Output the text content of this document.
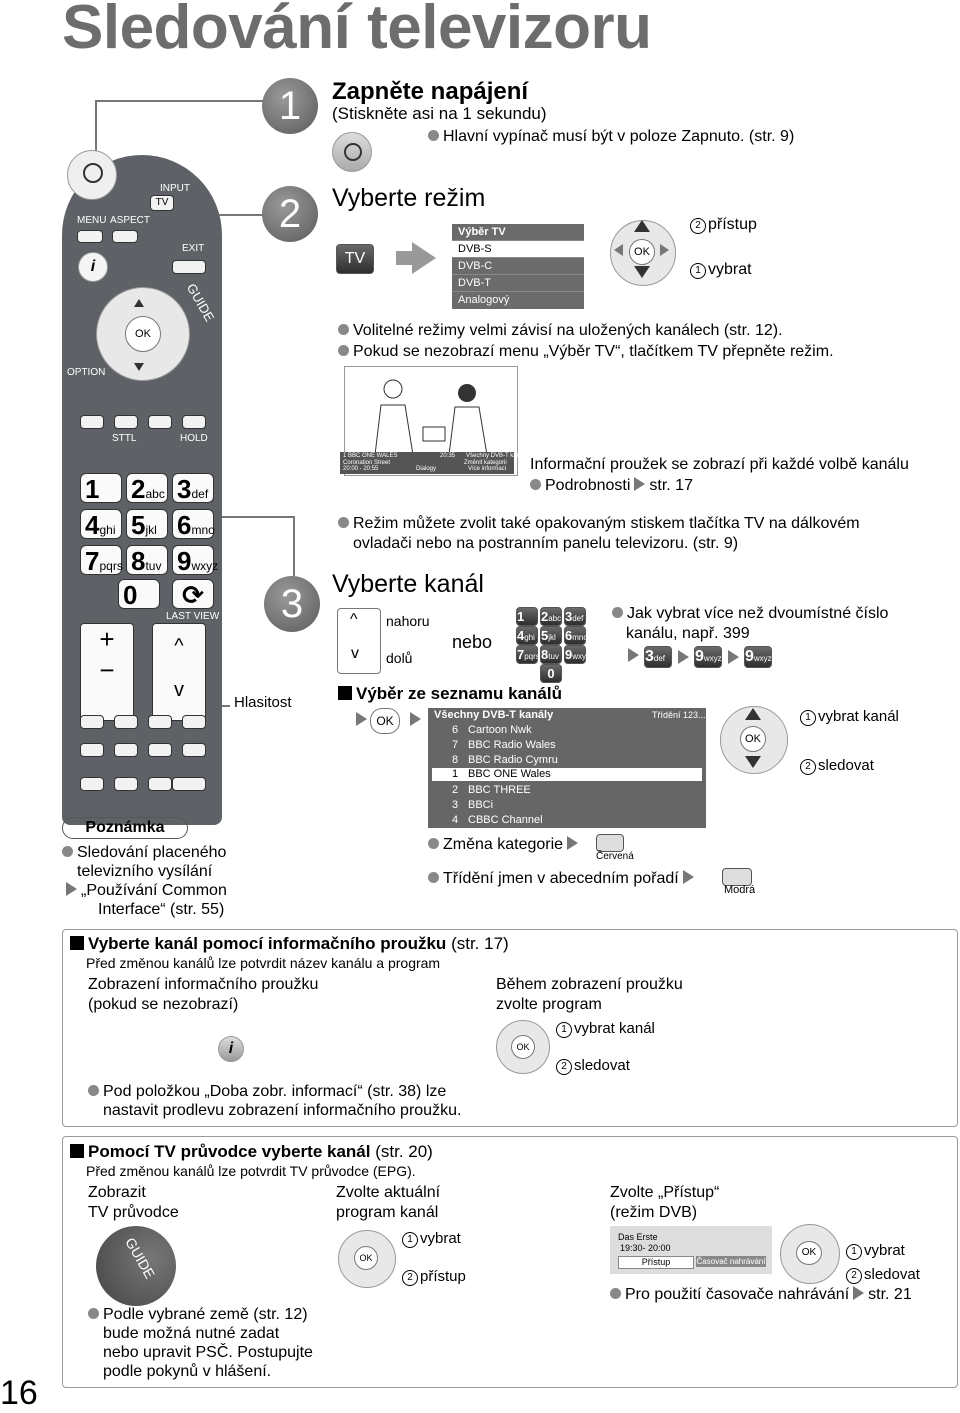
Sledování televizoru
INPUT
TV
MENU ASPECT
EXIT
i
OK
GUIDE
OPTION
STTL	HOLD
1	2abc 3def
4ghi 5jkl 6mno
7pqrs 8tuv 9wxyz
0	⟳
LAST VIEW
+
−
^
v
Hlasitost
1	Zapněte napájení
(Stiskněte asi na 1 sekundu)
Hlavní vypínač musí být v poloze Zapnuto. (str. 9)
2	Vyberte režim
TV
Výběr TV
DVB-S
DVB-C
DVB-T
Analogový
OK
2 přístup
1 vybrat
Volitelné režimy velmi závisí na uložených kanálech (str. 12).
Pokud se nezobrazí menu „Výběr TV“, tlačítkem TV přepněte režim.
1 BBC ONE WALES	20:35 Všechny DVB-T kanály
Coronation Street	Změnit kategorii
20:00 - 20:55	Dialogy	Více informací Informační proužek se zobrazí při každé volbě kanálu
Podrobnosti str. 17
Režim můžete zvolit také opakovaným stiskem tlačítka TV na dálkovém
ovladači nebo na postranním panelu televizoru. (str. 9)
3	Vyberte kanál
^
v
nahoru
dolů
nebo
1	2abc 3def
4ghi 5jkl 6mno
7pqrs 8tuv 9wxyz
0
Jak vybrat více než dvoumístné číslo
kanálu, např. 399
3def	9wxyz 9wxyz
Výběr ze seznamu kanálů
OK	Všechny DVB-T kanály	Třídění 123...
6 Cartoon Nwk
7 BBC Radio Wales
8 BBC Radio Cymru
1 BBC ONE Wales
2 BBC THREE
3 BBCi
4 CBBC Channel
OK
1 vybrat kanál
2 sledovat
Změna kategorie
Červená
Třídění jmen v abecedním pořadí
Modrá
Poznámka
Sledování placeného
televizního vysílání
„Používání Common
Interface“ (str. 55)
Vyberte kanál pomocí informačního proužku (str. 17)
Před změnou kanálů lze potvrdit název kanálu a program
Zobrazení informačního proužku
(pokud se nezobrazí)
i
Během zobrazení proužku
zvolte program
OK
1 vybrat kanál
2 sledovat
Pod položkou „Doba zobr. informací“ (str. 38) lze
nastavit prodlevu zobrazení informačního proužku.
Pomocí TV průvodce vyberte kanál (str. 20)
Před změnou kanálů lze potvrdit TV průvodce (EPG).
Zobrazit
TV průvodce
GUIDE
Zvolte aktuální
program kanál
OK
1 vybrat
2 přístup
Zvolte „Přístup“
(režim DVB)
Das Erste
19:30- 20:00
Přístup	Časovač nahrávání
OK	1 vybrat
2 sledovat
Pro použití časovače nahrávání str. 21
Podle vybrané země (str. 12)
bude možná nutné zadat
nebo upravit PSČ. Postupujte
podle pokynů v hlášení.
16
